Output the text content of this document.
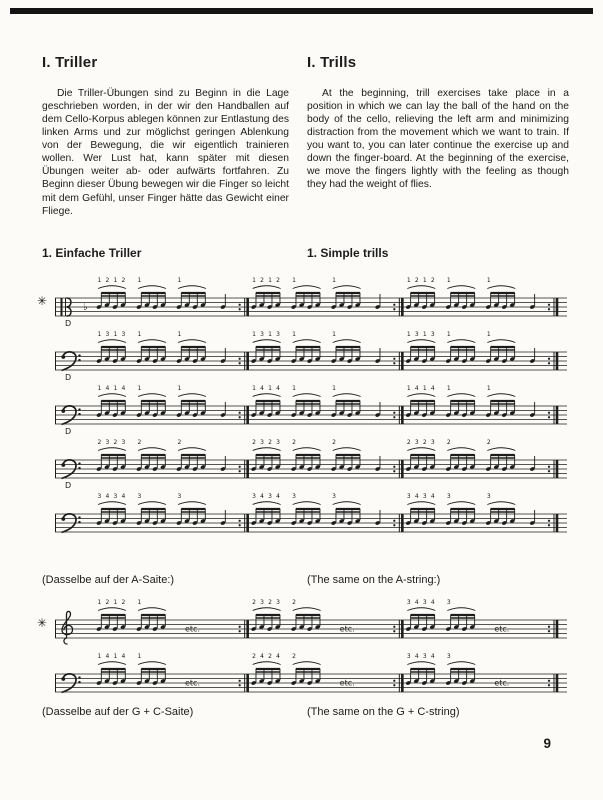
I. Triller	I. Trills

Die Triller-Übungen sind zu Beginn in die Lage geschrieben worden, in der wir den Handballen auf dem Cello-Korpus ablegen können zur Entlastung des linken Arms und zur möglichst geringen Ablenkung von der Bewegung, die wir eigentlich trainieren wollen. Wer Lust hat, kann später mit diesen Übungen weiter ab- oder aufwärts fortfahren. Zu Beginn dieser Übung bewegen wir die Finger so leicht mit dem Gefühl, unser Finger hätte das Gewicht einer Fliege.

At the beginning, trill exercises take place in a position in which we can lay the ball of the hand on the body of the cello, relieving the left arm and minimizing distraction from the movement which we want to train. If you want to, you can later continue the exercise up and down the finger-board. At the beginning of the exercise, we move the fingers lightly with the feeling as though they had the weight of flies.

1. Einfache Triller	1. Simple trills
✳	♭
D
1 2 1 2 1	1	1 2 1 2 1	1	1 2 1 2 1	1
D
1 3 1 3 1	1	1 3 1 3 1	1	1 3 1 3 1	1
D
1 4 1 4 1	1	1 4 1 4 1	1	1 4 1 4 1	1
D
2 3 2 3 2	2	2 3 2 3 2	2	2 3 2 3 2	2
3 4 3 4 3	3	3 4 3 4 3	3	3 4 3 4 3	3

(Dasselbe auf der A-Saite:)	(The same on the A-string:)

✳
1 2 1 2 1
etc.
2 3 2 3 2
etc.
3 4 3 4 3
etc.
1 4 1 4 1
etc.
2 4 2 4 2
etc.
3 4 3 4 3
etc.

(Dasselbe auf der G + C-Saite)	(The same on the G + C-string)

9
